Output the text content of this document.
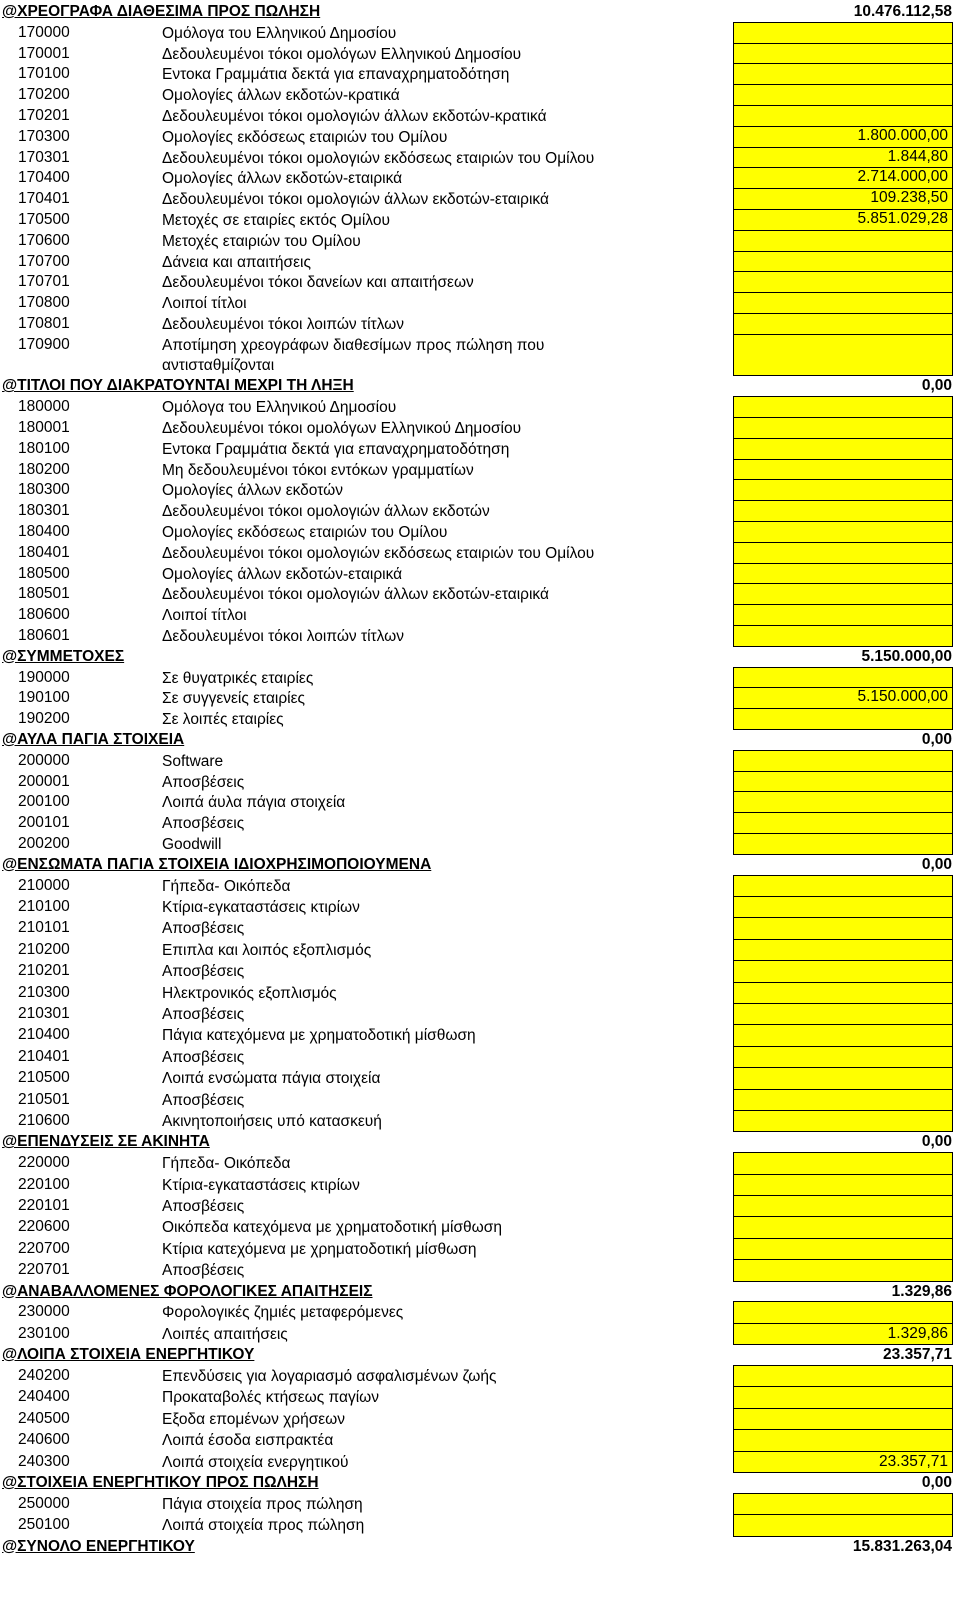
@ΧΡΕΟΓΡΑΦΑ ΔΙΑΘΕΣΙΜΑ ΠΡΟΣ ΠΩΛΗΣΗ	10.476.112,58
170000	Ομόλογα του Ελληνικού Δημοσίου
170001	Δεδουλευμένοι τόκοι ομολόγων Ελληνικού Δημοσίου
170100	Εντοκα Γραμμάτια δεκτά για επαναχρηματοδότηση
170200	Ομολογίες άλλων εκδοτών-κρατικά
170201	Δεδουλευμένοι τόκοι ομολογιών άλλων εκδοτών-κρατικά
170300	Ομολογίες εκδόσεως εταιριών του Ομίλου	1.800.000,00
170301	Δεδουλευμένοι τόκοι ομολογιών εκδόσεως εταιριών του Ομίλου	1.844,80
170400	Ομολογίες άλλων εκδοτών-εταιρικά	2.714.000,00
170401	Δεδουλευμένοι τόκοι ομολογιών άλλων εκδοτών-εταιρικά	109.238,50
170500	Μετοχές σε εταιρίες εκτός Ομίλου	5.851.029,28
170600	Μετοχές εταιριών του Ομίλου
170700	Δάνεια και απαιτήσεις
170701	Δεδουλευμένοι τόκοι δανείων και απαιτήσεων
170800	Λοιποί τίτλοι
170801	Δεδουλευμένοι τόκοι λοιπών τίτλων
170900	Αποτίμηση χρεογράφων διαθεσίμων προς πώληση που
αντισταθμίζονται
@ΤΙΤΛΟΙ ΠΟΥ ΔΙΑΚΡΑΤΟΥΝΤΑΙ ΜΕΧΡΙ ΤΗ ΛΗΞΗ	0,00
180000	Ομόλογα του Ελληνικού Δημοσίου
180001	Δεδουλευμένοι τόκοι ομολόγων Ελληνικού Δημοσίου
180100	Εντοκα Γραμμάτια δεκτά για επαναχρηματοδότηση
180200	Μη δεδουλευμένοι τόκοι εντόκων γραμματίων
180300	Ομολογίες άλλων εκδοτών
180301	Δεδουλευμένοι τόκοι ομολογιών άλλων εκδοτών
180400	Ομολογίες εκδόσεως εταιριών του Ομίλου
180401	Δεδουλευμένοι τόκοι ομολογιών εκδόσεως εταιριών του Ομίλου
180500	Ομολογίες άλλων εκδοτών-εταιρικά
180501	Δεδουλευμένοι τόκοι ομολογιών άλλων εκδοτών-εταιρικά
180600	Λοιποί τίτλοι
180601	Δεδουλευμένοι τόκοι λοιπών τίτλων
@ΣΥΜΜΕΤΟΧΕΣ	5.150.000,00
190000	Σε θυγατρικές εταιρίες
190100	Σε συγγενείς εταιρίες	5.150.000,00
190200	Σε λοιπές εταιρίες
@ΑΥΛΑ ΠΑΓΙΑ ΣΤΟΙΧΕΙΑ	0,00
200000	Software
200001	Αποσβέσεις
200100	Λοιπά άυλα πάγια στοιχεία
200101	Αποσβέσεις
200200	Goodwill
@ΕΝΣΩΜΑΤΑ ΠΑΓΙΑ ΣΤΟΙΧΕΙΑ ΙΔΙΟΧΡΗΣΙΜΟΠΟΙΟΥΜΕΝΑ	0,00
210000	Γήπεδα- Οικόπεδα
210100	Κτίρια-εγκαταστάσεις κτιρίων
210101	Αποσβέσεις
210200	Επιπλα και λοιπός εξοπλισμός
210201	Αποσβέσεις
210300	Ηλεκτρονικός εξοπλισμός
210301	Αποσβέσεις
210400	Πάγια κατεχόμενα με χρηματοδοτική μίσθωση
210401	Αποσβέσεις
210500	Λοιπά ενσώματα πάγια στοιχεία
210501	Αποσβέσεις
210600	Ακινητοποιήσεις υπό κατασκευή
@ΕΠΕΝΔΥΣΕΙΣ ΣΕ ΑΚΙΝΗΤΑ	0,00
220000	Γήπεδα- Οικόπεδα
220100	Κτίρια-εγκαταστάσεις κτιρίων
220101	Αποσβέσεις
220600	Οικόπεδα κατεχόμενα με χρηματοδοτική μίσθωση
220700	Κτίρια κατεχόμενα με χρηματοδοτική μίσθωση
220701	Αποσβέσεις
@ΑΝΑΒΑΛΛΟΜΕΝΕΣ ΦΟΡΟΛΟΓΙΚΕΣ ΑΠΑΙΤΗΣΕΙΣ	1.329,86
230000	Φορολογικές ζημιές μεταφερόμενες
230100	Λοιπές απαιτήσεις	1.329,86
@ΛΟΙΠΑ ΣΤΟΙΧΕΙΑ ΕΝΕΡΓΗΤΙΚΟΥ	23.357,71
240200	Επενδύσεις για λογαριασμό ασφαλισμένων ζωής
240400	Προκαταβολές κτήσεως παγίων
240500	Εξοδα επομένων χρήσεων
240600	Λοιπά έσοδα εισπρακτέα
240300	Λοιπά στοιχεία ενεργητικού	23.357,71
@ΣΤΟΙΧΕΙΑ ΕΝΕΡΓΗΤΙΚΟΥ ΠΡΟΣ ΠΩΛΗΣΗ	0,00
250000	Πάγια στοιχεία προς πώληση
250100	Λοιπά στοιχεία προς πώληση
@ΣΥΝΟΛΟ ΕΝΕΡΓΗΤΙΚΟΥ	15.831.263,04
